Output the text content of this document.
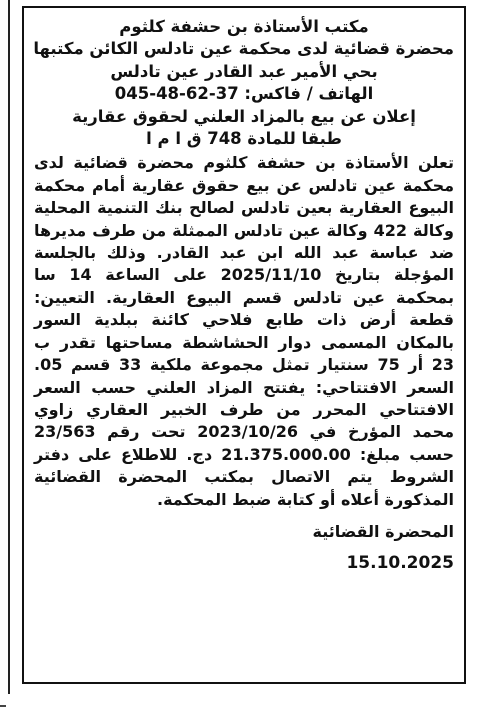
مكتب الأستاذة بن حشفة كلثوم

محضرة قضائية لدى محكمة عين تادلس الكائن مكتبها

بحي الأمير عبد القادر عين تادلس

الهاتف / فاكس: 37-62-48-045

إعلان عن بيع بالمزاد العلني لحقوق عقارية

طبقا للمادة 748 ق ا م ا

تعلن الأستاذة بن حشفة كلثوم محضرة قضائية لدى محكمة عين تادلس عن بيع حقوق عقارية أمام محكمة البيوع العقارية بعين تادلس لصالح بنك التنمية المحلية وكالة 422 وكالة عين تادلس الممثلة من طرف مديرها ضد عباسة عبد الله ابن عبد القادر. وذلك بالجلسة المؤجلة بتاريخ 2025/11/10 على الساعة 14 سا بمحكمة عين تادلس قسم البيوع العقارية. التعيين: قطعة أرض ذات طابع فلاحي كائنة ببلدية السور بالمكان المسمى دوار الحشاشطة مساحتها تقدر ب 23 أر 75 سنتيار تمثل مجموعة ملكية 33 قسم 05. السعر الافتتاحي: يفتتح المزاد العلني حسب السعر الافتتاحي المحرر من طرف الخبير العقاري زاوي محمد المؤرخ في 2023/10/26 تحت رقم 23/563 حسب مبلغ: 21.375.000.00 دج. للاطلاع على دفتر الشروط يتم الاتصال بمكتب المحضرة القضائية المذكورة أعلاه أو كتابة ضبط المحكمة.

المحضرة القضائية

15.10.2025
